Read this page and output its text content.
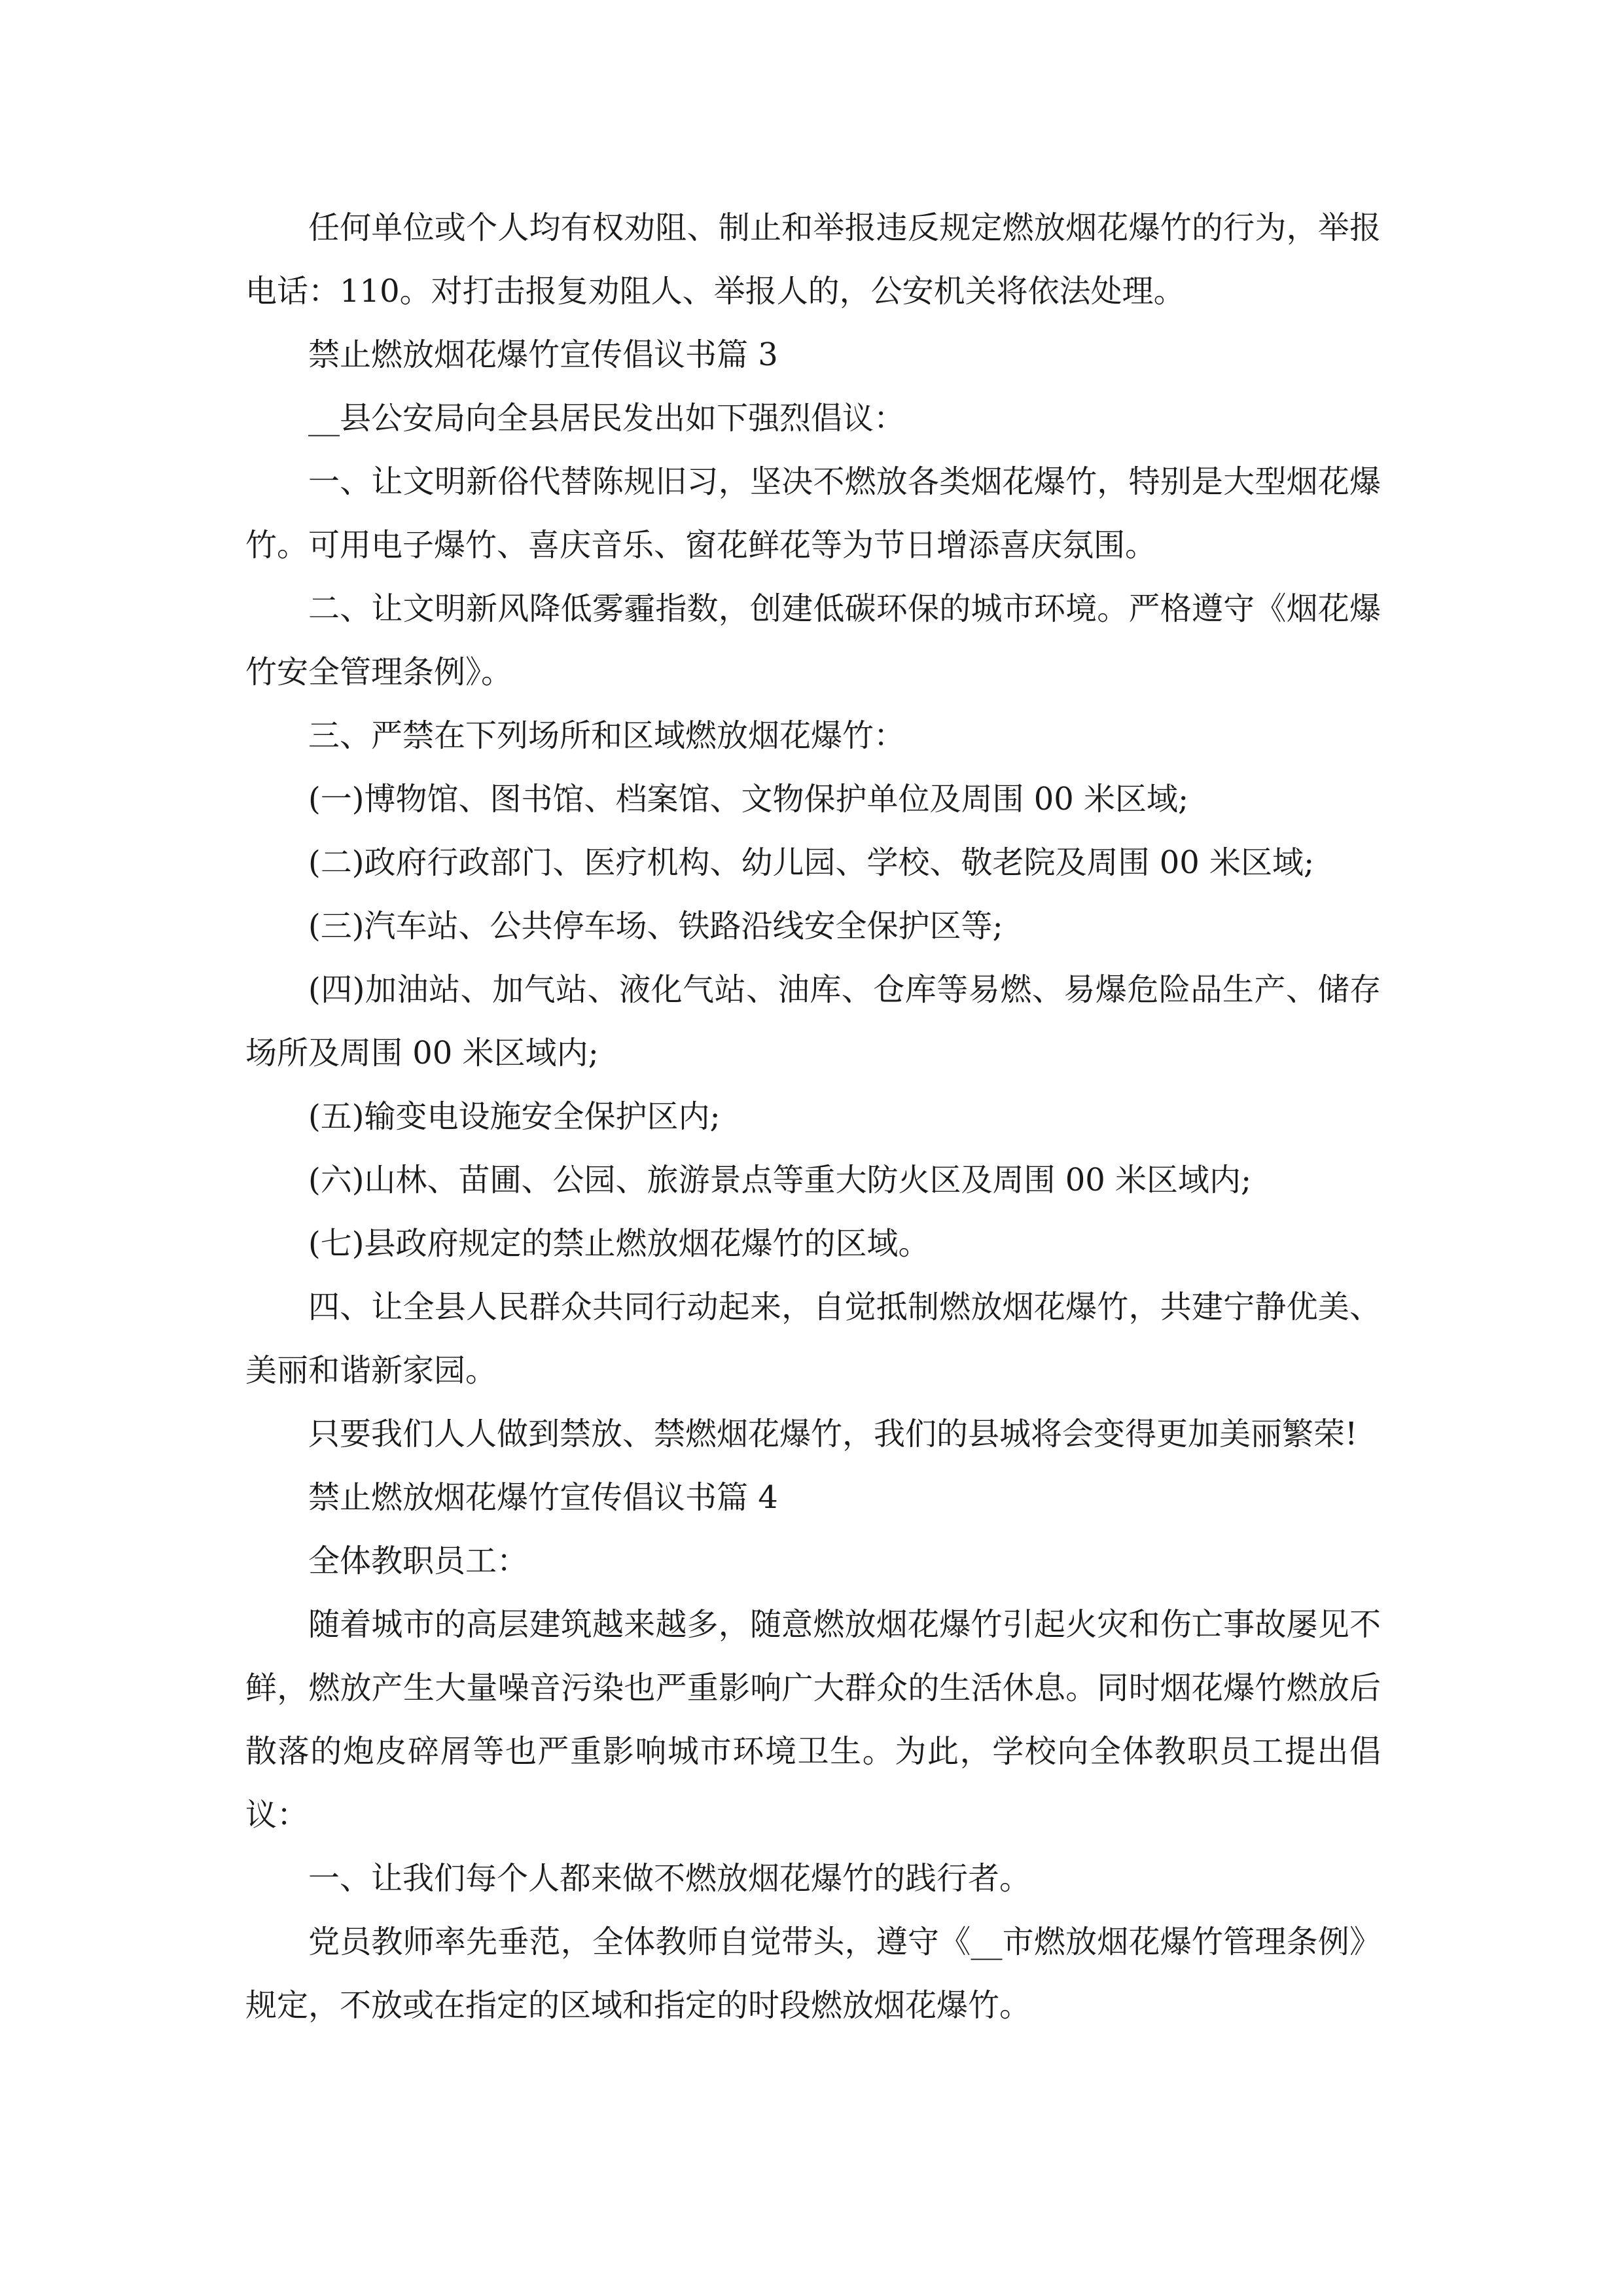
任何单位或个人均有权劝阻、制止和举报违反规定燃放烟花爆竹的行为，举报电话：110。对打击报复劝阻人、举报人的，公安机关将依法处理。

禁止燃放烟花爆竹宣传倡议书篇 3

__县公安局向全县居民发出如下强烈倡议：

一、让文明新俗代替陈规旧习，坚决不燃放各类烟花爆竹，特别是大型烟花爆竹。可用电子爆竹、喜庆音乐、窗花鲜花等为节日增添喜庆氛围。

二、让文明新风降低雾霾指数，创建低碳环保的城市环境。严格遵守《烟花爆竹安全管理条例》。

三、严禁在下列场所和区域燃放烟花爆竹：

(一)博物馆、图书馆、档案馆、文物保护单位及周围 00 米区域;

(二)政府行政部门、医疗机构、幼儿园、学校、敬老院及周围 00 米区域;

(三)汽车站、公共停车场、铁路沿线安全保护区等;

(四)加油站、加气站、液化气站、油库、仓库等易燃、易爆危险品生产、储存场所及周围 00 米区域内;

(五)输变电设施安全保护区内;

(六)山林、苗圃、公园、旅游景点等重大防火区及周围 00 米区域内;

(七)县政府规定的禁止燃放烟花爆竹的区域。

四、让全县人民群众共同行动起来，自觉抵制燃放烟花爆竹，共建宁静优美、美丽和谐新家园。

只要我们人人做到禁放、禁燃烟花爆竹，我们的县城将会变得更加美丽繁荣!

禁止燃放烟花爆竹宣传倡议书篇 4

全体教职员工：

随着城市的高层建筑越来越多，随意燃放烟花爆竹引起火灾和伤亡事故屡见不鲜，燃放产生大量噪音污染也严重影响广大群众的生活休息。同时烟花爆竹燃放后散落的炮皮碎屑等也严重影响城市环境卫生。为此，学校向全体教职员工提出倡议：

一、让我们每个人都来做不燃放烟花爆竹的践行者。

党员教师率先垂范，全体教师自觉带头，遵守《__市燃放烟花爆竹管理条例》规定，不放或在指定的区域和指定的时段燃放烟花爆竹。
